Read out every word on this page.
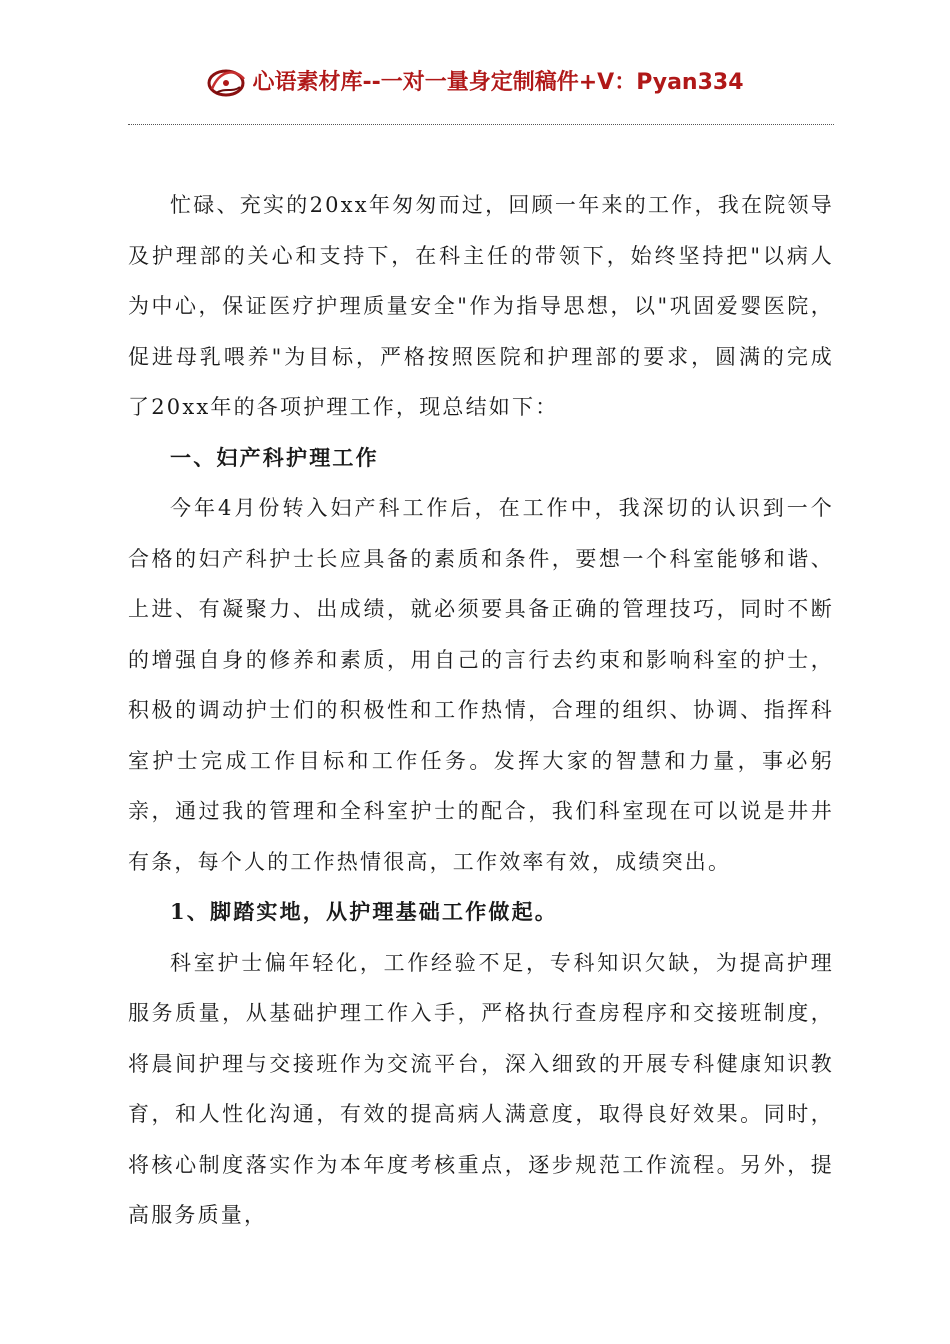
心语素材库--一对一量身定制稿件+V：Pyan334

忙碌、充实的20xx年匆匆而过，回顾一年来的工作，我在院领导及护理部的关心和支持下，在科主任的带领下，始终坚持把"以病人为中心，保证医疗护理质量安全"作为指导思想，以"巩固爱婴医院，促进母乳喂养"为目标，严格按照医院和护理部的要求，圆满的完成了20xx年的各项护理工作，现总结如下：

一、妇产科护理工作

今年4月份转入妇产科工作后，在工作中，我深切的认识到一个合格的妇产科护士长应具备的素质和条件，要想一个科室能够和谐、上进、有凝聚力、出成绩，就必须要具备正确的管理技巧，同时不断的增强自身的修养和素质，用自己的言行去约束和影响科室的护士，积极的调动护士们的积极性和工作热情，合理的组织、协调、指挥科室护士完成工作目标和工作任务。发挥大家的智慧和力量，事必躬亲，通过我的管理和全科室护士的配合，我们科室现在可以说是井井有条，每个人的工作热情很高，工作效率有效，成绩突出。

1、脚踏实地，从护理基础工作做起。

科室护士偏年轻化，工作经验不足，专科知识欠缺，为提高护理服务质量，从基础护理工作入手，严格执行查房程序和交接班制度，将晨间护理与交接班作为交流平台，深入细致的开展专科健康知识教育，和人性化沟通，有效的提高病人满意度，取得良好效果。同时，将核心制度落实作为本年度考核重点，逐步规范工作流程。另外，提高服务质量，
